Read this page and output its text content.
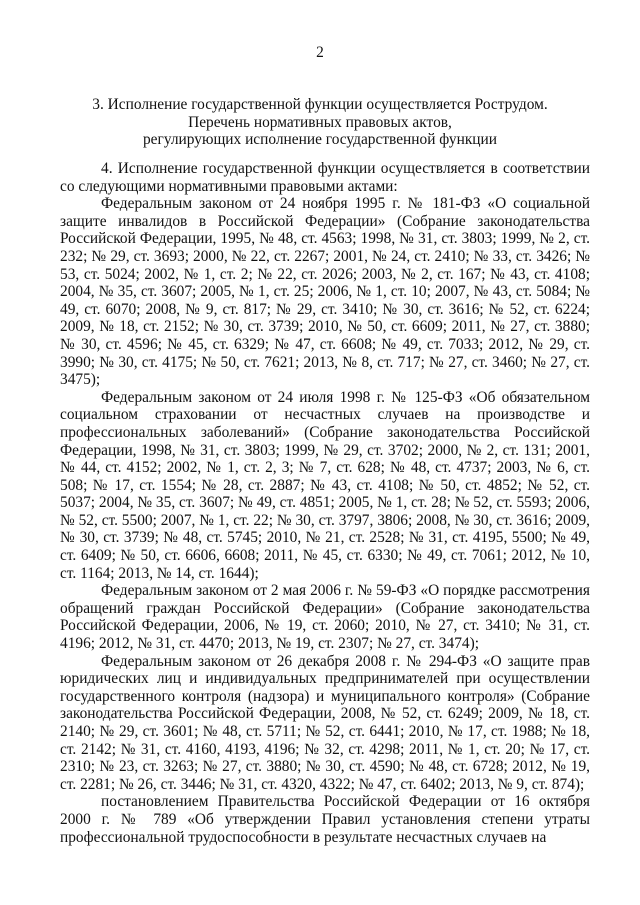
2
3. Исполнение государственной функции осуществляется Рострудом.
Перечень нормативных правовых актов,
регулирующих исполнение государственной функции

4. Исполнение государственной функции осуществляется в соответствии со следующими нормативными правовыми актами:

Федеральным законом от 24 ноября 1995 г. № 181-ФЗ «О социальной защите инвалидов в Российской Федерации» (Собрание законодательства Российской Федерации, 1995, № 48, ст. 4563; 1998, № 31, ст. 3803; 1999, № 2, ст. 232; № 29, ст. 3693; 2000, № 22, ст. 2267; 2001, № 24, ст. 2410; № 33, ст. 3426; № 53, ст. 5024; 2002, № 1, ст. 2; № 22, ст. 2026; 2003, № 2, ст. 167; № 43, ст. 4108; 2004, № 35, ст. 3607; 2005, № 1, ст. 25; 2006, № 1, ст. 10; 2007, № 43, ст. 5084; № 49, ст. 6070; 2008, № 9, ст. 817; № 29, ст. 3410; № 30, ст. 3616; № 52, ст. 6224; 2009, № 18, ст. 2152; № 30, ст. 3739; 2010, № 50, ст. 6609; 2011, № 27, ст. 3880; № 30, ст. 4596; № 45, ст. 6329; № 47, ст. 6608; № 49, ст. 7033; 2012, № 29, ст. 3990; № 30, ст. 4175; № 50, ст. 7621; 2013, № 8, ст. 717; № 27, ст. 3460; № 27, ст. 3475);

Федеральным законом от 24 июля 1998 г. № 125-ФЗ «Об обязательном социальном страховании от несчастных случаев на производстве и профессиональных заболеваний» (Собрание законодательства Российской Федерации, 1998, № 31, ст. 3803; 1999, № 29, ст. 3702; 2000, № 2, ст. 131; 2001, № 44, ст. 4152; 2002, № 1, ст. 2, 3; № 7, ст. 628; № 48, ст. 4737; 2003, № 6, ст. 508; № 17, ст. 1554; № 28, ст. 2887; № 43, ст. 4108; № 50, ст. 4852; № 52, ст. 5037; 2004, № 35, ст. 3607; № 49, ст. 4851; 2005, № 1, ст. 28; № 52, ст. 5593; 2006, № 52, ст. 5500; 2007, № 1, ст. 22; № 30, ст. 3797, 3806; 2008, № 30, ст. 3616; 2009, № 30, ст. 3739; № 48, ст. 5745; 2010, № 21, ст. 2528; № 31, ст. 4195, 5500; № 49, ст. 6409; № 50, ст. 6606, 6608; 2011, № 45, ст. 6330; № 49, ст. 7061; 2012, № 10, ст. 1164; 2013, № 14, ст. 1644);

Федеральным законом от 2 мая 2006 г. № 59-ФЗ «О порядке рассмотрения обращений граждан Российской Федерации» (Собрание законодательства Российской Федерации, 2006, № 19, ст. 2060; 2010, № 27, ст. 3410; № 31, ст. 4196; 2012, № 31, ст. 4470; 2013, № 19, ст. 2307; № 27, ст. 3474);

Федеральным законом от 26 декабря 2008 г. № 294-ФЗ «О защите прав юридических лиц и индивидуальных предпринимателей при осуществлении государственного контроля (надзора) и муниципального контроля» (Собрание законодательства Российской Федерации, 2008, № 52, ст. 6249; 2009, № 18, ст. 2140; № 29, ст. 3601; № 48, ст. 5711; № 52, ст. 6441; 2010, № 17, ст. 1988; № 18, ст. 2142; № 31, ст. 4160, 4193, 4196; № 32, ст. 4298; 2011, № 1, ст. 20; № 17, ст. 2310; № 23, ст. 3263; № 27, ст. 3880; № 30, ст. 4590; № 48, ст. 6728; 2012, № 19, ст. 2281; № 26, ст. 3446; № 31, ст. 4320, 4322; № 47, ст. 6402; 2013, № 9, ст. 874);

постановлением Правительства Российской Федерации от 16 октября 2000 г. № 789 «Об утверждении Правил установления степени утраты профессиональной трудоспособности в результате несчастных случаев на
